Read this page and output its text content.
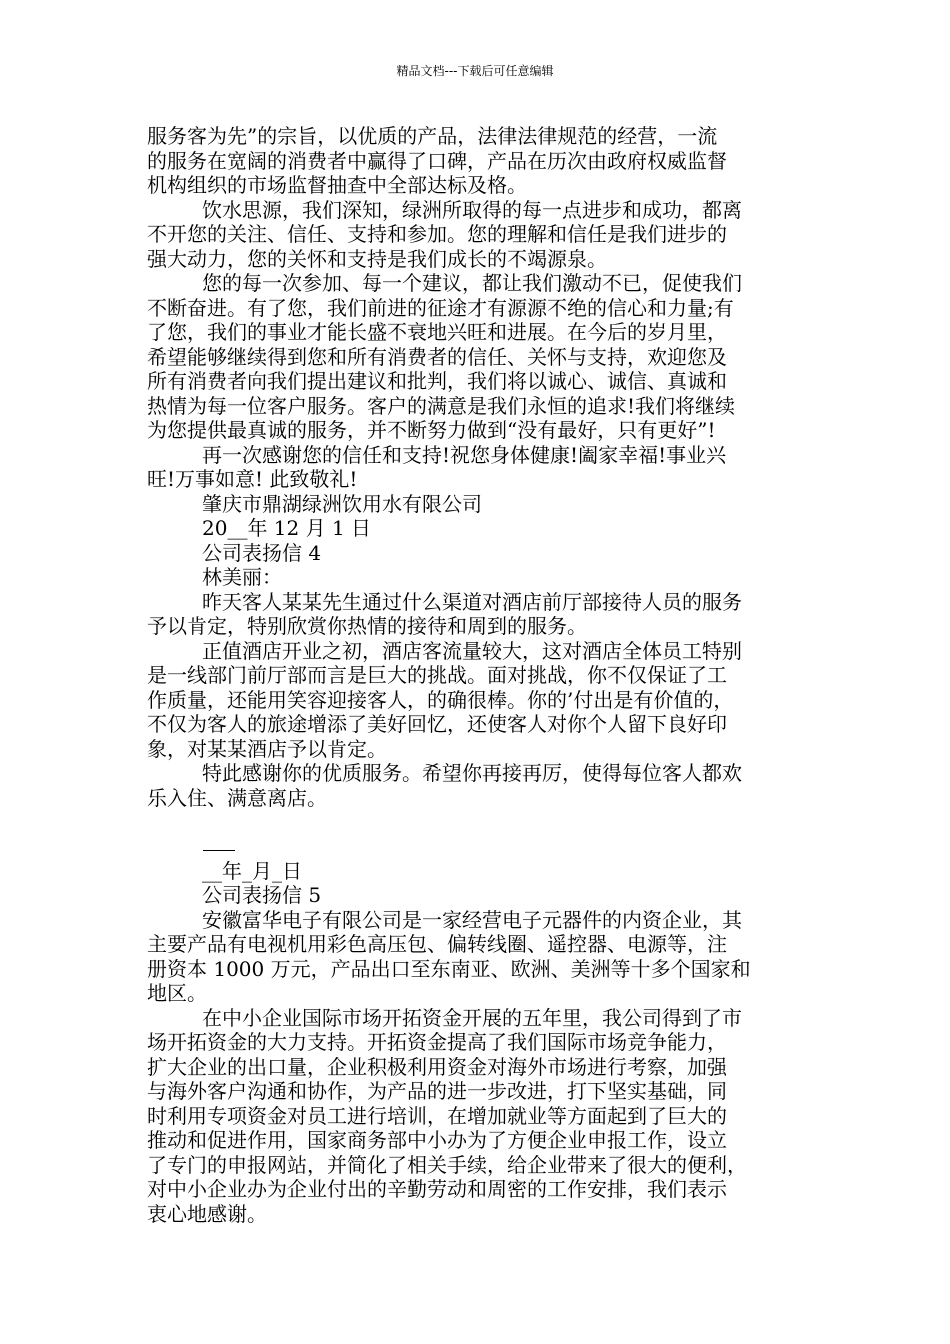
精品文档---下载后可任意编辑
服务客为先”的宗旨，以优质的产品，法律法律规范的经营，一流
的服务在宽阔的消费者中赢得了口碑，产品在历次由政府权威监督
机构组织的市场监督抽查中全部达标及格。
饮水思源，我们深知，绿洲所取得的每一点进步和成功，都离
不开您的关注、信任、支持和参加。您的理解和信任是我们进步的
强大动力，您的关怀和支持是我们成长的不竭源泉。
您的每一次参加、每一个建议，都让我们激动不已，促使我们
不断奋进。有了您，我们前进的征途才有源源不绝的信心和力量;有
了您，我们的事业才能长盛不衰地兴旺和进展。在今后的岁月里，
希望能够继续得到您和所有消费者的信任、关怀与支持，欢迎您及
所有消费者向我们提出建议和批判，我们将以诚心、诚信、真诚和
热情为每一位客户服务。客户的满意是我们永恒的追求!我们将继续
为您提供最真诚的服务，并不断努力做到“没有最好，只有更好”!
再一次感谢您的信任和支持!祝您身体健康!阖家幸福!事业兴
旺!万事如意! 此致敬礼!
肇庆市鼎湖绿洲饮用水有限公司
20__年 12 月 1 日
公司表扬信 4
林美丽：
昨天客人某某先生通过什么渠道对酒店前厅部接待人员的服务
予以肯定，特别欣赏你热情的接待和周到的服务。
正值酒店开业之初，酒店客流量较大，这对酒店全体员工特别
是一线部门前厅部而言是巨大的挑战。面对挑战，你不仅保证了工
作质量，还能用笑容迎接客人，的确很棒。你的’付出是有价值的，
不仅为客人的旅途增添了美好回忆，还使客人对你个人留下良好印
象，对某某酒店予以肯定。
特此感谢你的优质服务。希望你再接再厉，使得每位客人都欢
乐入住、满意离店。
__年_月_日
公司表扬信 5
安徽富华电子有限公司是一家经营电子元器件的内资企业，其
主要产品有电视机用彩色高压包、偏转线圈、遥控器、电源等，注
册资本 1000 万元，产品出口至东南亚、欧洲、美洲等十多个国家和
地区。
在中小企业国际市场开拓资金开展的五年里，我公司得到了市
场开拓资金的大力支持。开拓资金提高了我们国际市场竞争能力，
扩大企业的出口量，企业积极利用资金对海外市场进行考察，加强
与海外客户沟通和协作，为产品的进一步改进，打下坚实基础，同
时利用专项资金对员工进行培训，在增加就业等方面起到了巨大的
推动和促进作用，国家商务部中小办为了方便企业申报工作，设立
了专门的申报网站，并简化了相关手续，给企业带来了很大的便利，
对中小企业办为企业付出的辛勤劳动和周密的工作安排，我们表示
衷心地感谢。
